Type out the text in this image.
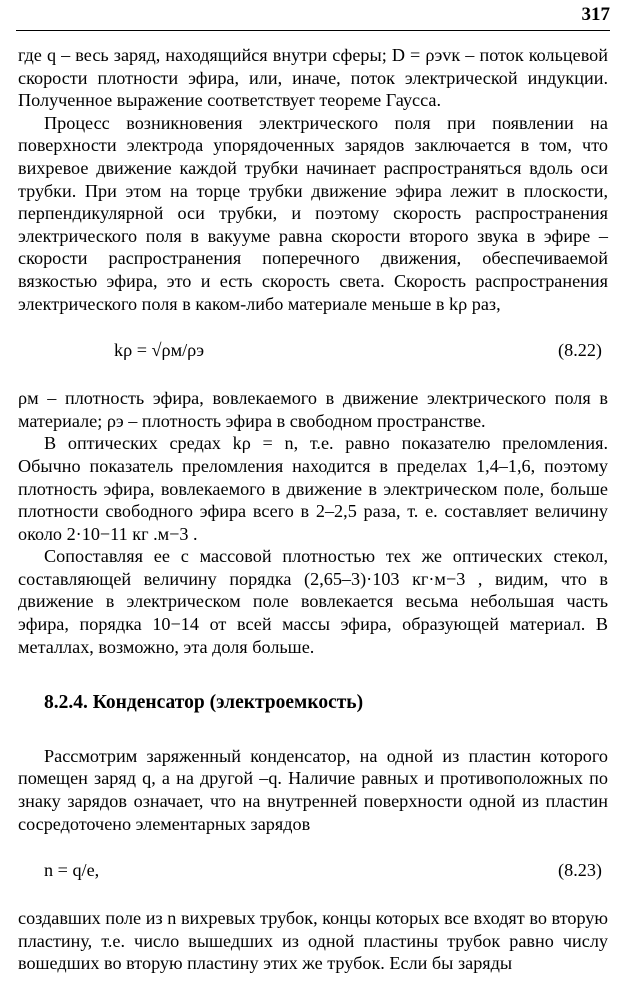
317

где q – весь заряд, находящийся внутри сферы; D = ρэvк – поток кольцевой скорости плотности эфира, или, иначе, поток электрической индукции. Полученное выражение соответствует теореме Гаусса.

Процесс возникновения электрического поля при появлении на поверхности электрода упорядоченных зарядов заключается в том, что вихревое движение каждой трубки начинает распространяться вдоль оси трубки. При этом на торце трубки движение эфира лежит в плоскости, перпендикулярной оси трубки, и поэтому скорость распространения электрического поля в вакууме равна скорости второго звука в эфире – скорости распространения поперечного движения, обеспечиваемой вязкостью эфира, это и есть скорость света. Скорость распространения электрического поля в каком-либо материале меньше в kρ раз,

kρ = √ρм/ρэ	(8.22)

ρм – плотность эфира, вовлекаемого в движение электрического поля в материале; ρэ – плотность эфира в свободном пространстве.

В оптических средах kρ = n, т.е. равно показателю преломления. Обычно показатель преломления находится в пределах 1,4–1,6, поэтому плотность эфира, вовлекаемого в движение в электрическом поле, больше плотности свободного эфира всего в 2–2,5 раза, т. е. составляет величину около 2·10−11 кг .м−3 .

Сопоставляя ее с массовой плотностью тех же оптических стекол, составляющей величину порядка (2,65–3)·103 кг·м−3 , видим, что в движение в электрическом поле вовлекается весьма небольшая часть эфира, порядка 10−14 от всей массы эфира, образующей материал. В металлах, возможно, эта доля больше.

8.2.4. Конденсатор (электроемкость)

Рассмотрим заряженный конденсатор, на одной из пластин которого помещен заряд q, а на другой –q. Наличие равных и противоположных по знаку зарядов означает, что на внутренней поверхности одной из пластин сосредоточено элементарных зарядов

n = q/e,	(8.23)

создавших поле из n вихревых трубок, концы которых все входят во вторую пластину, т.е. число вышедших из одной пластины трубок равно числу вошедших во вторую пластину этих же трубок. Если бы заряды
